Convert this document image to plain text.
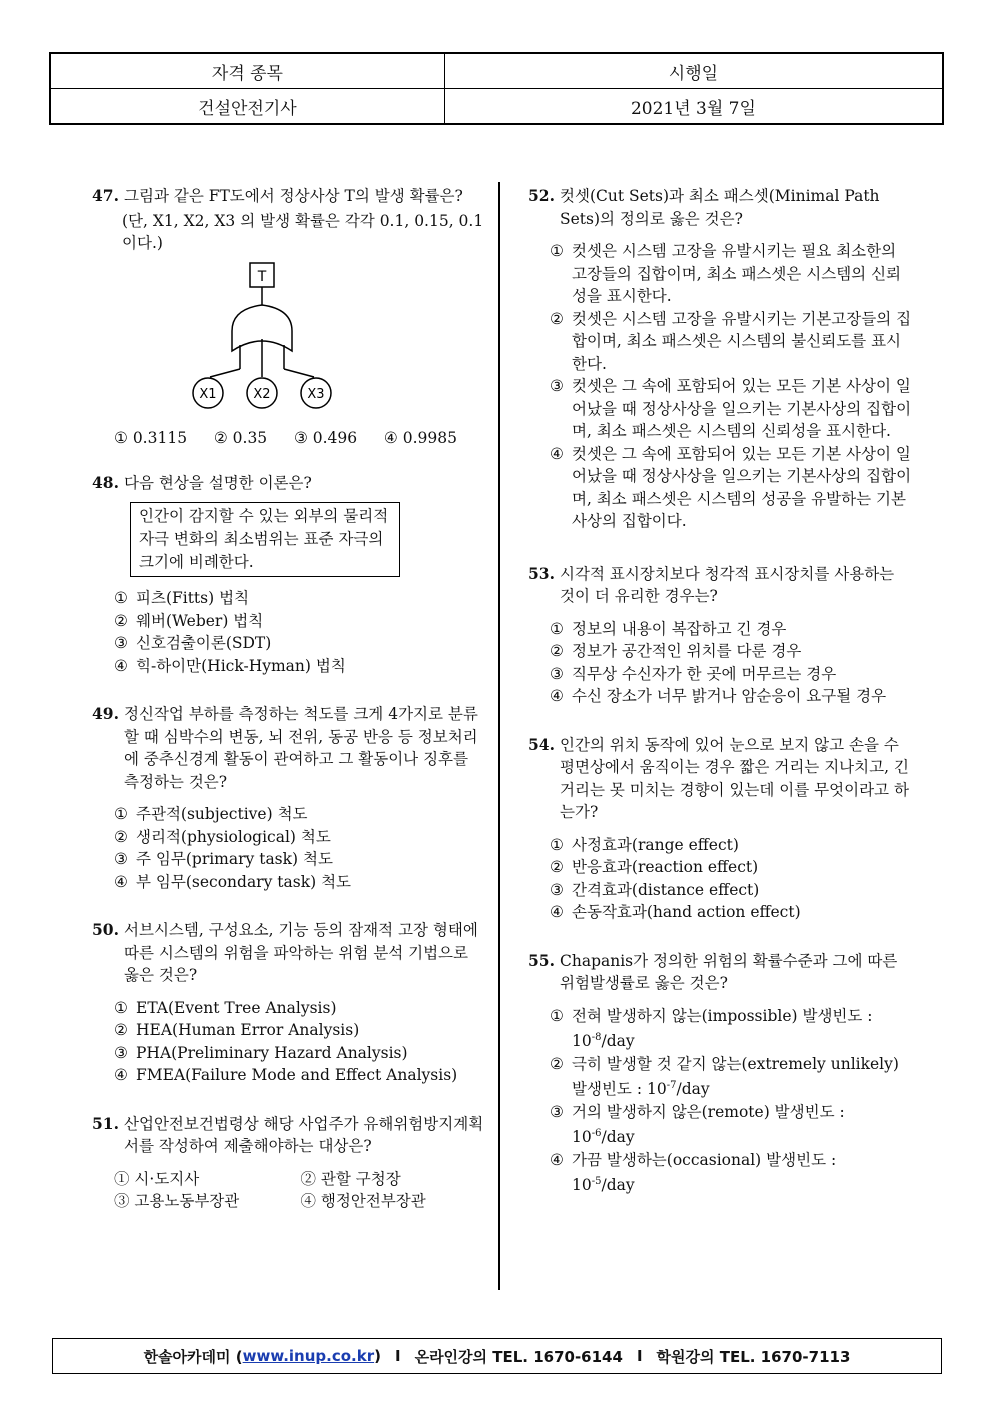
자격 종목	시행일
건설안전기사	2021년 3월 7일
47. 그림과 같은 FT도에서 정상사상 T의 발생 확률은?
(단, X1, X2, X3 의 발생 확률은 각각 0.1, 0.15, 0.1 이다.)
T
X1	X2	X3
① 0.3115 ② 0.35 ③ 0.496 ④ 0.9985
48. 다음 현상을 설명한 이론은?
인간이 감지할 수 있는 외부의 물리적 자극 변화의 최소범위는 표준 자극의 크기에 비례한다.
① 피츠(Fitts) 법칙
② 웨버(Weber) 법칙
③ 신호검출이론(SDT)
④ 힉-하이만(Hick-Hyman) 법칙
49. 정신작업 부하를 측정하는 척도를 크게 4가지로 분류할 때 심박수의 변동, 뇌 전위, 동공 반응 등 정보처리에 중추신경계 활동이 관여하고 그 활동이나 징후를 측정하는 것은?
① 주관적(subjective) 척도
② 생리적(physiological) 척도
③ 주 임무(primary task) 척도
④ 부 임무(secondary task) 척도
50. 서브시스템, 구성요소, 기능 등의 잠재적 고장 형태에 따른 시스템의 위험을 파악하는 위험 분석 기법으로 옳은 것은?
① ETA(Event Tree Analysis)
② HEA(Human Error Analysis)
③ PHA(Preliminary Hazard Analysis)
④ FMEA(Failure Mode and Effect Analysis)
51. 산업안전보건법령상 해당 사업주가 유해위험방지계획서를 작성하여 제출해야하는 대상은?
① 시·도지사	② 관할 구청장
③ 고용노동부장관	④ 행정안전부장관
52. 컷셋(Cut Sets)과 최소 패스셋(Minimal Path Sets)의 정의로 옳은 것은?
① 컷셋은 시스템 고장을 유발시키는 필요 최소한의 고장들의 집합이며, 최소 패스셋은 시스템의 신뢰성을 표시한다.
② 컷셋은 시스템 고장을 유발시키는 기본고장들의 집합이며, 최소 패스셋은 시스템의 불신뢰도를 표시한다.
③ 컷셋은 그 속에 포함되어 있는 모든 기본 사상이 일어났을 때 정상사상을 일으키는 기본사상의 집합이며, 최소 패스셋은 시스템의 신뢰성을 표시한다.
④ 컷셋은 그 속에 포함되어 있는 모든 기본 사상이 일어났을 때 정상사상을 일으키는 기본사상의 집합이며, 최소 패스셋은 시스템의 성공을 유발하는 기본사상의 집합이다.
53. 시각적 표시장치보다 청각적 표시장치를 사용하는 것이 더 유리한 경우는?
① 정보의 내용이 복잡하고 긴 경우
② 정보가 공간적인 위치를 다룬 경우
③ 직무상 수신자가 한 곳에 머무르는 경우
④ 수신 장소가 너무 밝거나 암순응이 요구될 경우
54. 인간의 위치 동작에 있어 눈으로 보지 않고 손을 수평면상에서 움직이는 경우 짧은 거리는 지나치고, 긴 거리는 못 미치는 경향이 있는데 이를 무엇이라고 하는가?
① 사정효과(range effect)
② 반응효과(reaction effect)
③ 간격효과(distance effect)
④ 손동작효과(hand action effect)
55. Chapanis가 정의한 위험의 확률수준과 그에 따른 위험발생률로 옳은 것은?
① 전혀 발생하지 않는(impossible) 발생빈도 :
$10^{-8}$/day
② 극히 발생할 것 같지 않는(extremely unlikely) 발생빈도 : $10^{-7}$/day
③ 거의 발생하지 않은(remote) 발생빈도 :
$10^{-6}$/day
④ 가끔 발생하는(occasional) 발생빈도 :
$10^{-5}$/day
한솔아카데미 ( www.inup.co.kr ) I 온라인강의 TEL. 1670-6144 I 학원강의 TEL. 1670-7113
